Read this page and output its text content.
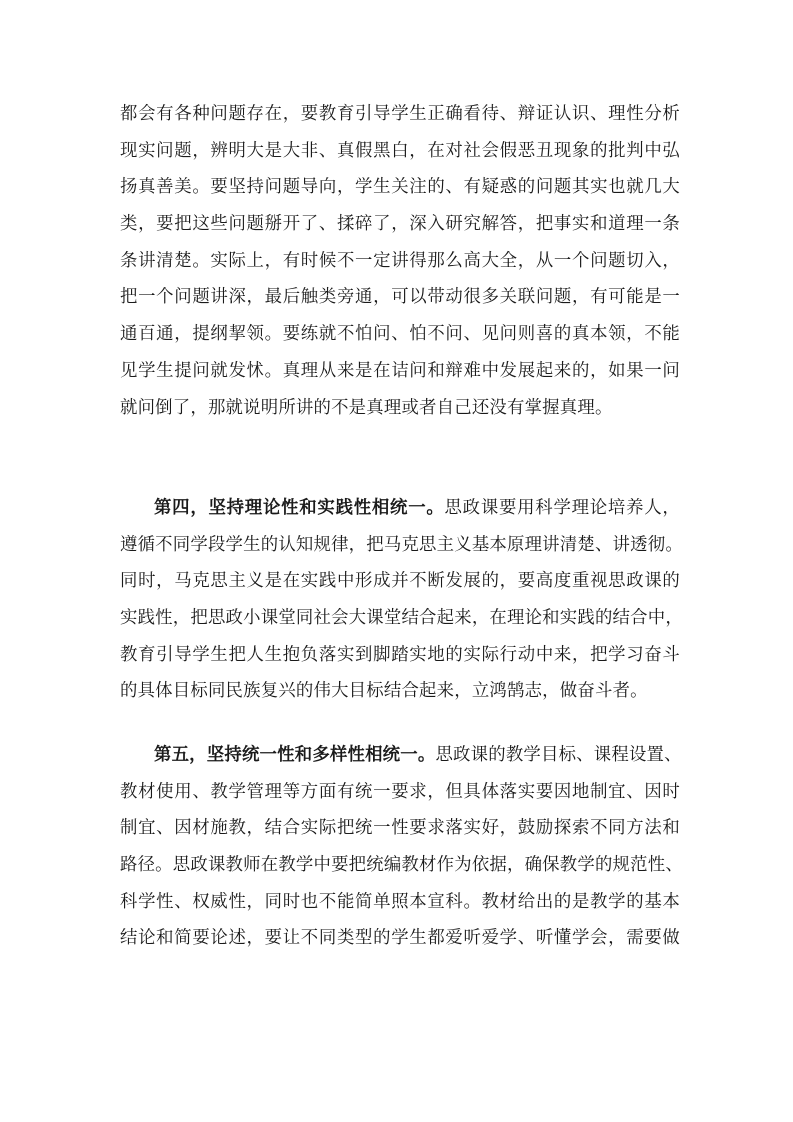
都会有各种问题存在，要教育引导学生正确看待、辩证认识、理性分析
现实问题，辨明大是大非、真假黑白，在对社会假恶丑现象的批判中弘
扬真善美。要坚持问题导向，学生关注的、有疑惑的问题其实也就几大
类，要把这些问题掰开了、揉碎了，深入研究解答，把事实和道理一条
条讲清楚。实际上，有时候不一定讲得那么高大全，从一个问题切入，
把一个问题讲深，最后触类旁通，可以带动很多关联问题，有可能是一
通百通，提纲挈领。要练就不怕问、怕不问、见问则喜的真本领，不能
见学生提问就发怵。真理从来是在诘问和辩难中发展起来的，如果一问
就问倒了，那就说明所讲的不是真理或者自己还没有掌握真理。
第四，坚持理论性和实践性相统一。思政课要用科学理论培养人，
遵循不同学段学生的认知规律，把马克思主义基本原理讲清楚、讲透彻。
同时，马克思主义是在实践中形成并不断发展的，要高度重视思政课的
实践性，把思政小课堂同社会大课堂结合起来，在理论和实践的结合中，
教育引导学生把人生抱负落实到脚踏实地的实际行动中来，把学习奋斗
的具体目标同民族复兴的伟大目标结合起来，立鸿鹄志，做奋斗者。
第五，坚持统一性和多样性相统一。思政课的教学目标、课程设置、
教材使用、教学管理等方面有统一要求，但具体落实要因地制宜、因时
制宜、因材施教，结合实际把统一性要求落实好，鼓励探索不同方法和
路径。思政课教师在教学中要把统编教材作为依据，确保教学的规范性、
科学性、权威性，同时也不能简单照本宣科。教材给出的是教学的基本
结论和简要论述，要让不同类型的学生都爱听爱学、听懂学会，需要做
